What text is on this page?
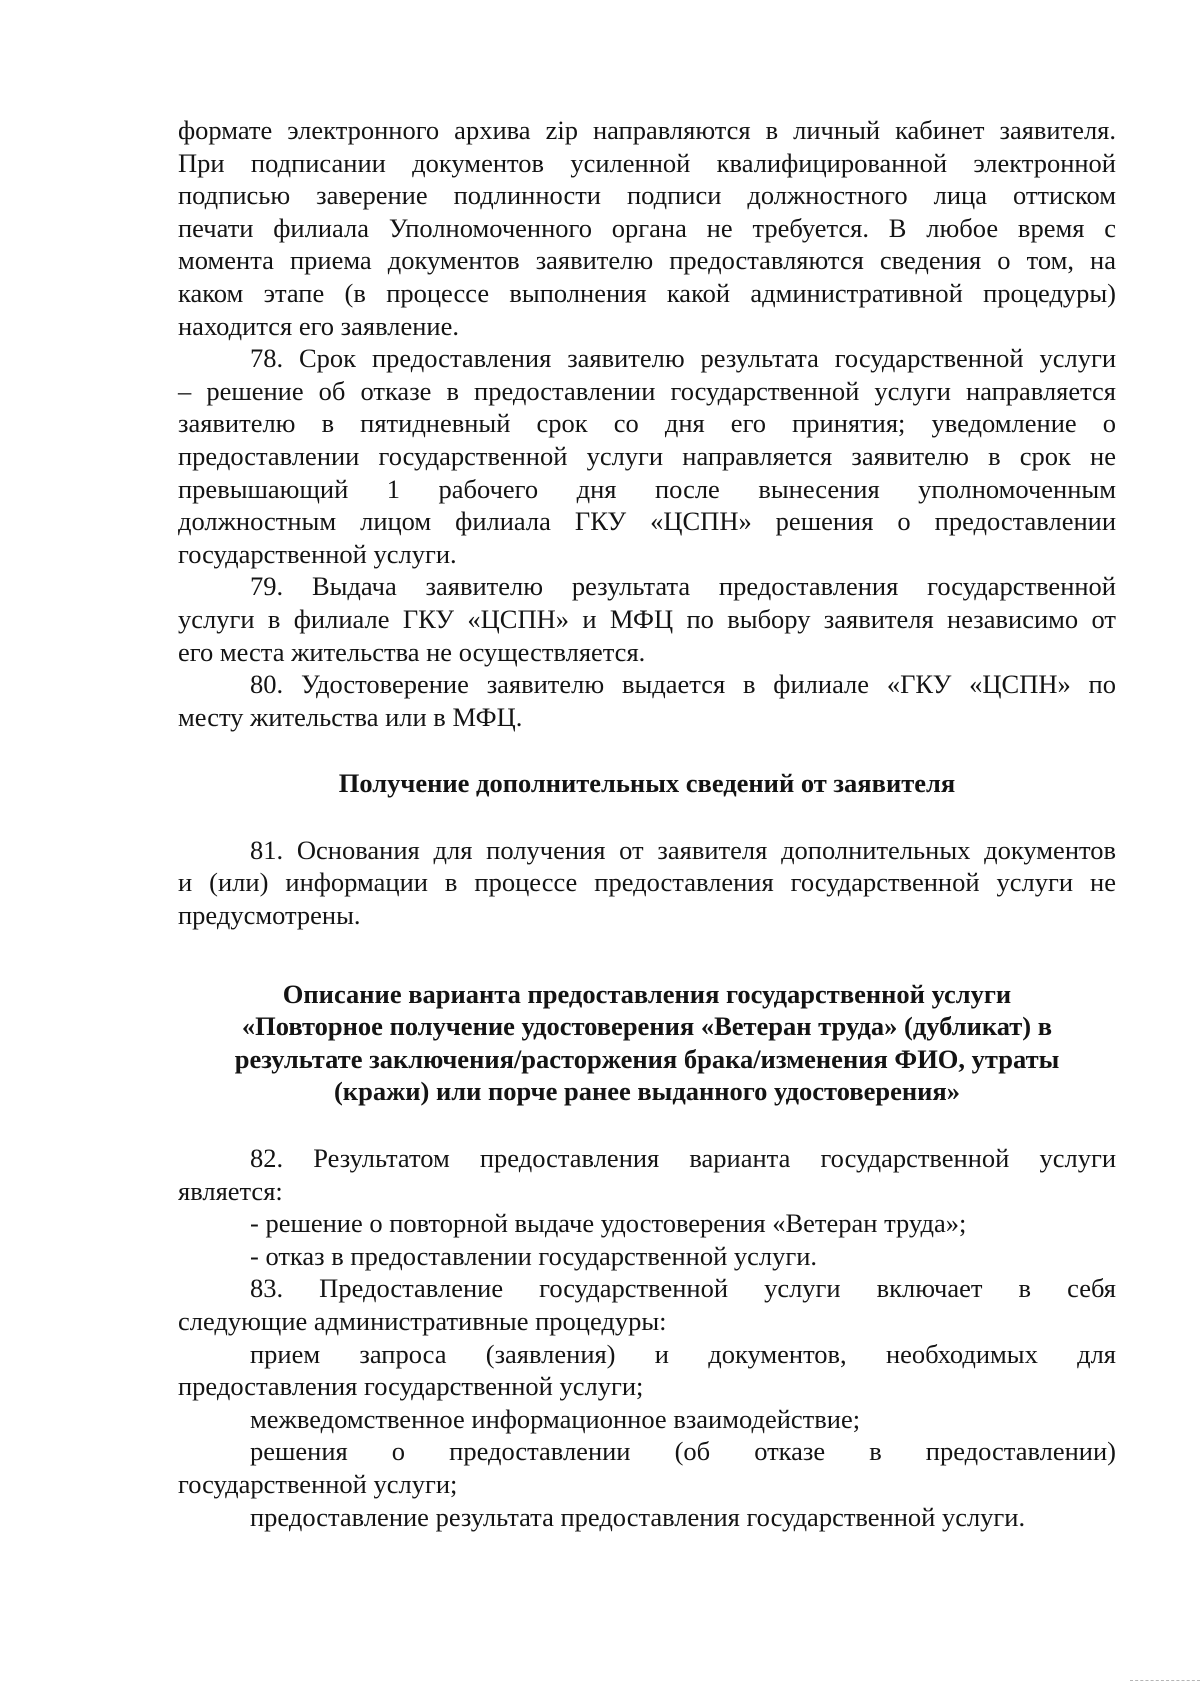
формате электронного архива zip направляются в личный кабинет заявителя.
При подписании документов усиленной квалифицированной электронной
подписью заверение подлинности подписи должностного лица оттиском
печати филиала Уполномоченного органа не требуется. В любое время с
момента приема документов заявителю предоставляются сведения о том, на
каком этапе (в процессе выполнения какой административной процедуры)
находится его заявление.
78. Срок предоставления заявителю результата государственной услуги
– решение об отказе в предоставлении государственной услуги направляется
заявителю в пятидневный срок со дня его принятия; уведомление о
предоставлении государственной услуги направляется заявителю в срок не
превышающий 1 рабочего дня после вынесения уполномоченным
должностным лицом филиала ГКУ «ЦСПН» решения о предоставлении
государственной услуги.
79. Выдача заявителю результата предоставления государственной
услуги в филиале ГКУ «ЦСПН» и МФЦ по выбору заявителя независимо от
его места жительства не осуществляется.
80. Удостоверение заявителю выдается в филиале «ГКУ «ЦСПН» по
месту жительства или в МФЦ.
Получение дополнительных сведений от заявителя
81. Основания для получения от заявителя дополнительных документов
и (или) информации в процессе предоставления государственной услуги не
предусмотрены.
Описание варианта предоставления государственной услуги
«Повторное получение удостоверения «Ветеран труда» (дубликат) в
результате заключения/расторжения брака/изменения ФИО, утраты
(кражи) или порче ранее выданного удостоверения»
82. Результатом предоставления варианта государственной услуги
является:
- решение о повторной выдаче удостоверения «Ветеран труда»;
- отказ в предоставлении государственной услуги.
83. Предоставление государственной услуги включает в себя
следующие административные процедуры:
прием запроса (заявления) и документов, необходимых для
предоставления государственной услуги;
межведомственное информационное взаимодействие;
решения о предоставлении (об отказе в предоставлении)
государственной услуги;
предоставление результата предоставления государственной услуги.
